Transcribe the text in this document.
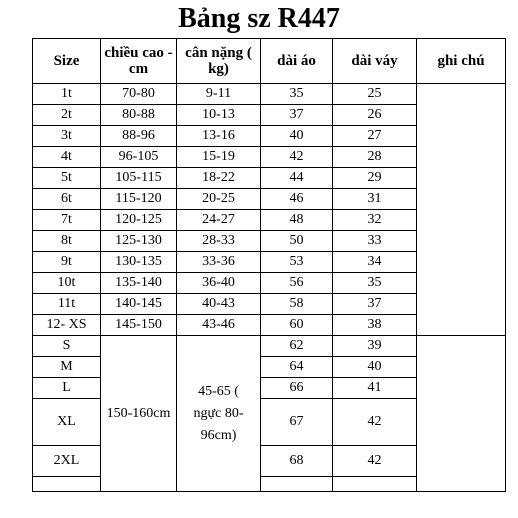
Bảng sz R447
Size	chiều cao - cm	cân nặng ( kg)	dài áo	dài váy	ghi chú
1t	70-80	9-11	35	25	
2t	80-88	10-13	37	26	
3t	88-96	13-16	40	27	
4t	96-105	15-19	42	28	
5t	105-115	18-22	44	29	
6t	115-120	20-25	46	31	
7t	120-125	24-27	48	32	
8t	125-130	28-33	50	33	
9t	130-135	33-36	53	34	
10t	135-140	36-40	56	35	
11t	140-145	40-43	58	37	
12- XS	145-150	43-46	60	38	
S	150-160cm	45-65 ( ngực 80- 96cm)	62	39	
M			64	40	
L			66	41	
XL			67	42	
2XL			68	42	
